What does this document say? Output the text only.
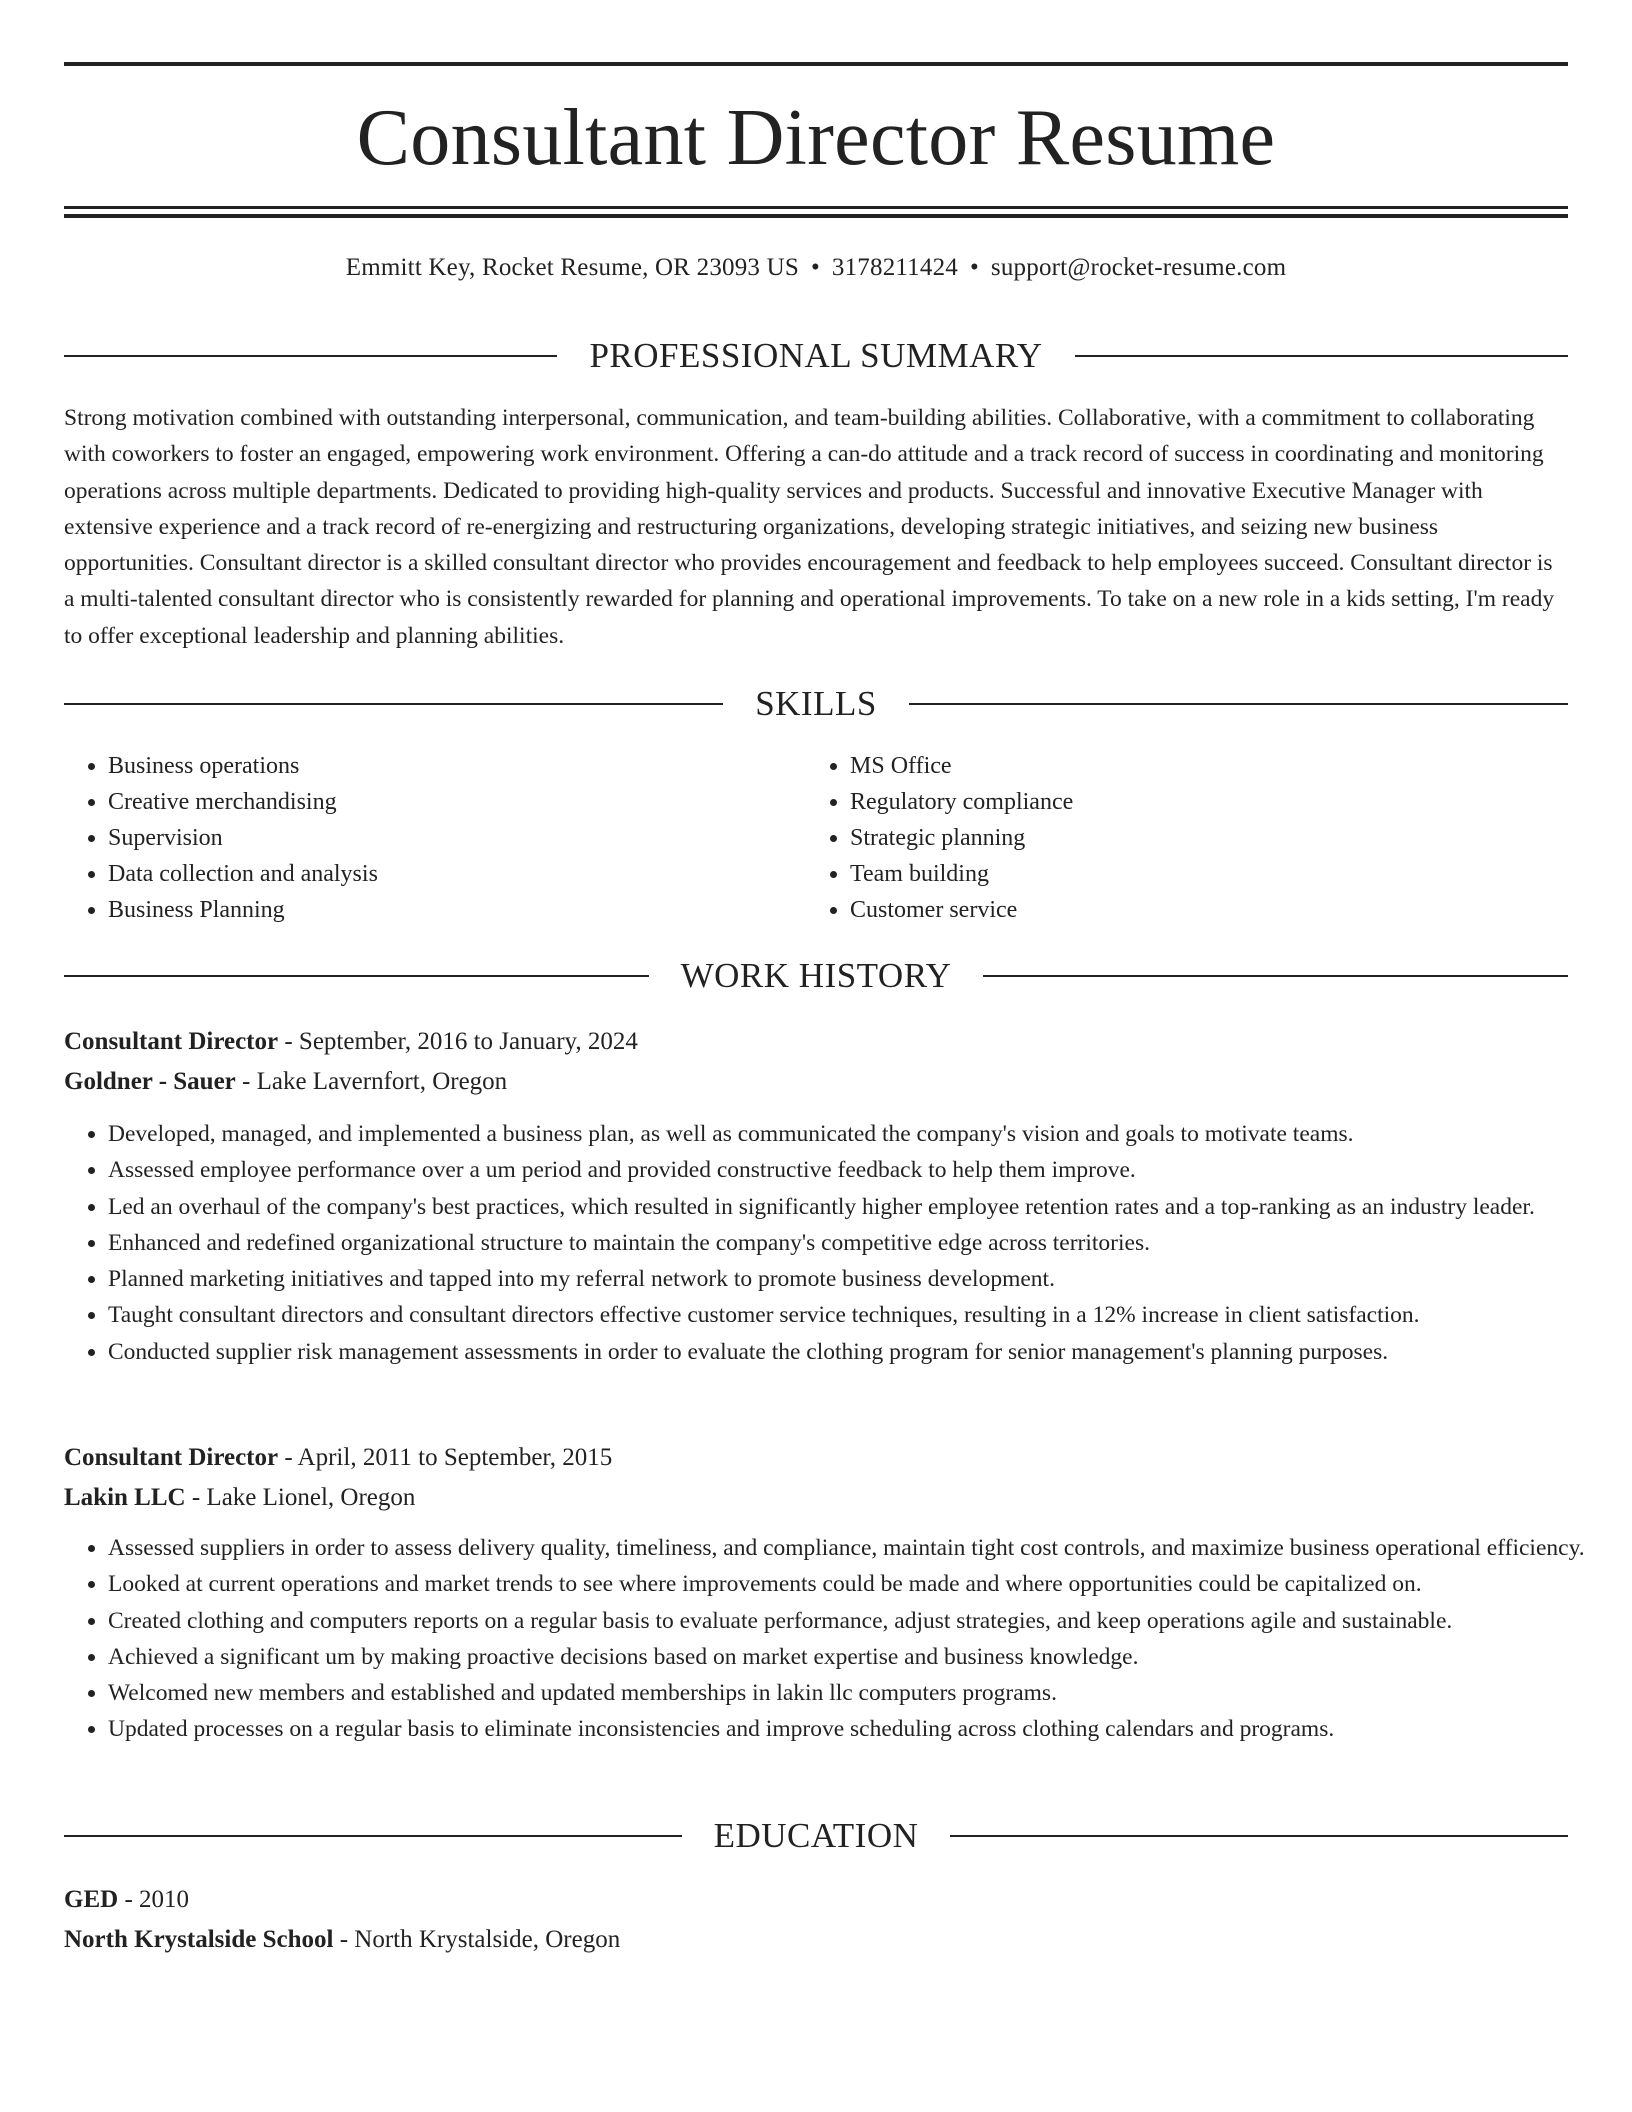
Consultant Director Resume
Emmitt Key, Rocket Resume, OR 23093 US • 3178211424 • support@rocket-resume.com
PROFESSIONAL SUMMARY

Strong motivation combined with outstanding interpersonal, communication, and team-building abilities. Collaborative, with a commitment to collaborating with coworkers to foster an engaged, empowering work environment. Offering a can-do attitude and a track record of success in coordinating and monitoring operations across multiple departments. Dedicated to providing high-quality services and products. Successful and innovative Executive Manager with extensive experience and a track record of re-energizing and restructuring organizations, developing strategic initiatives, and seizing new business opportunities. Consultant director is a skilled consultant director who provides encouragement and feedback to help employees succeed. Consultant director is a multi-talented consultant director who is consistently rewarded for planning and operational improvements. To take on a new role in a kids setting, I'm ready to offer exceptional leadership and planning abilities.

SKILLS
• Business operations
• Creative merchandising
• Supervision
• Data collection and analysis
• Business Planning
• MS Office
• Regulatory compliance
• Strategic planning
• Team building
• Customer service
WORK HISTORY
Consultant Director - September, 2016 to January, 2024
Goldner - Sauer - Lake Lavernfort, Oregon
• Developed, managed, and implemented a business plan, as well as communicated the company's vision and goals to motivate teams.
• Assessed employee performance over a um period and provided constructive feedback to help them improve.
• Led an overhaul of the company's best practices, which resulted in significantly higher employee retention rates and a top-ranking as an industry leader.
• Enhanced and redefined organizational structure to maintain the company's competitive edge across territories.
• Planned marketing initiatives and tapped into my referral network to promote business development.
• Taught consultant directors and consultant directors effective customer service techniques, resulting in a 12% increase in client satisfaction.
• Conducted supplier risk management assessments in order to evaluate the clothing program for senior management's planning purposes.
Consultant Director - April, 2011 to September, 2015
Lakin LLC - Lake Lionel, Oregon
• Assessed suppliers in order to assess delivery quality, timeliness, and compliance, maintain tight cost controls, and maximize business operational efficiency.
• Looked at current operations and market trends to see where improvements could be made and where opportunities could be capitalized on.
• Created clothing and computers reports on a regular basis to evaluate performance, adjust strategies, and keep operations agile and sustainable.
• Achieved a significant um by making proactive decisions based on market expertise and business knowledge.
• Welcomed new members and established and updated memberships in lakin llc computers programs.
• Updated processes on a regular basis to eliminate inconsistencies and improve scheduling across clothing calendars and programs.
EDUCATION
GED - 2010
North Krystalside School - North Krystalside, Oregon
